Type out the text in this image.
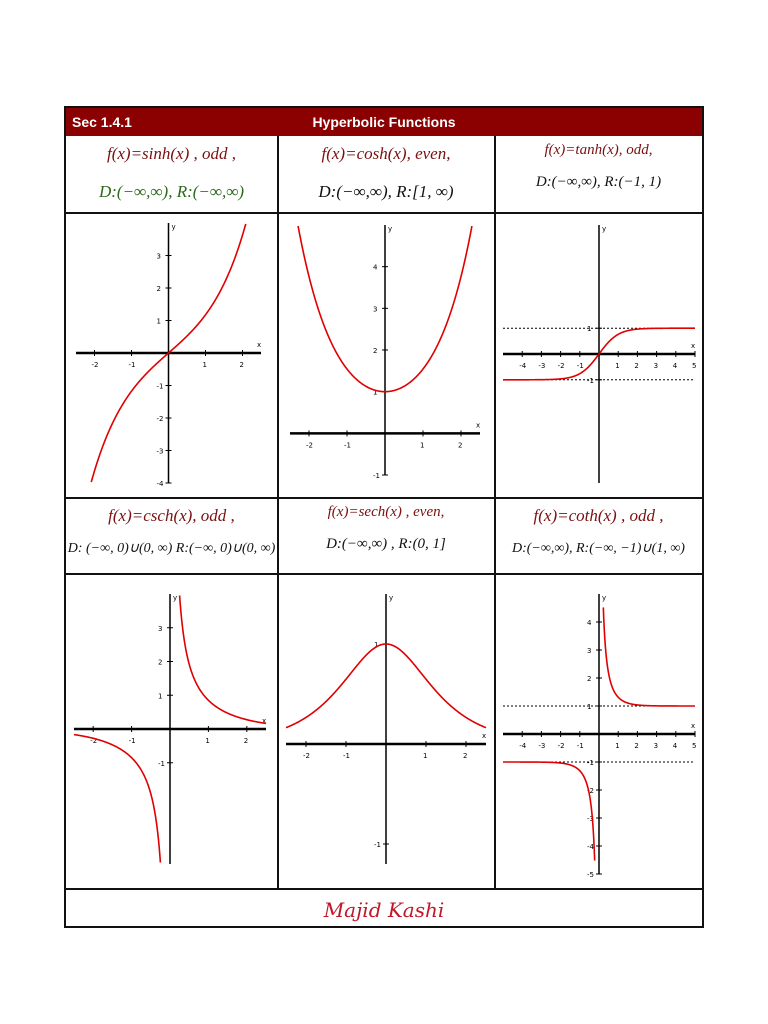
Sec 1.4.1	Hyperbolic Functions
f(x)=sinh(x) , odd ,
D:(−∞,∞), R:(−∞,∞)
f(x)=cosh(x), even,
D:(−∞,∞), R:[1, ∞)
f(x)=tanh(x), odd,
D:(−∞,∞), R:(−1, 1)
f(x)=csch(x), odd ,
D: (−∞, 0)∪(0, ∞) R:(−∞, 0)∪(0, ∞)
f(x)=sech(x) , even,
D:(−∞,∞) , R:(0, 1]
f(x)=coth(x) , odd ,
D:(−∞,∞), R:(−∞, −1)∪(1, ∞)
x
y
-2	-1	1	2
-4
-3
-2
-1
1
2
3
x
y
-2	-1	1	2
-1
1
2
3
4
x
y
-4 -3 -2 -1	1 2 3 4 5
1
-1
x
y
-2	-1	1	2
1
2
3
-1
x
y
-2	-1	1	2
1
-1
x
y
-4 -3 -2 -1	1 2 3 4 5
4
3
2
1
-1
-2
-3
-4
-5
Majid Kashi
